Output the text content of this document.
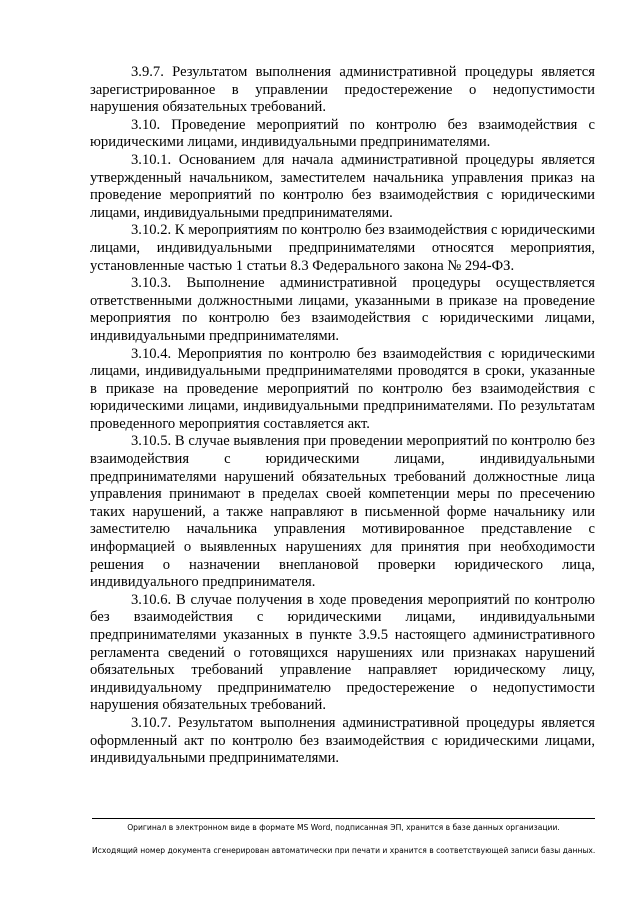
3.9.7. Результатом выполнения административной процедуры является зарегистрированное в управлении предостережение о недопустимости нарушения обязательных требований.

3.10. Проведение мероприятий по контролю без взаимодействия с юридическими лицами, индивидуальными предпринимателями.

3.10.1. Основанием для начала административной процедуры является утвержденный начальником, заместителем начальника управления приказ на проведение мероприятий по контролю без взаимодействия с юридическими лицами, индивидуальными предпринимателями.

3.10.2. К мероприятиям по контролю без взаимодействия с юридическими лицами, индивидуальными предпринимателями относятся мероприятия, установленные частью 1 статьи 8.3 Федерального закона № 294-ФЗ.

3.10.3. Выполнение административной процедуры осуществляется ответственными должностными лицами, указанными в приказе на проведение мероприятия по контролю без взаимодействия с юридическими лицами, индивидуальными предпринимателями.

3.10.4. Мероприятия по контролю без взаимодействия с юридическими лицами, индивидуальными предпринимателями проводятся в сроки, указанные в приказе на проведение мероприятий по контролю без взаимодействия с юридическими лицами, индивидуальными предпринимателями. По результатам проведенного мероприятия составляется акт.

3.10.5. В случае выявления при проведении мероприятий по контролю без взаимодействия с юридическими лицами, индивидуальными предпринимателями нарушений обязательных требований должностные лица управления принимают в пределах своей компетенции меры по пресечению таких нарушений, а также направляют в письменной форме начальнику или заместителю начальника управления мотивированное представление с информацией о выявленных нарушениях для принятия при необходимости решения о назначении внеплановой проверки юридического лица, индивидуального предпринимателя.

3.10.6. В случае получения в ходе проведения мероприятий по контролю без взаимодействия с юридическими лицами, индивидуальными предпринимателями указанных в пункте 3.9.5 настоящего административного регламента сведений о готовящихся нарушениях или признаках нарушений обязательных требований управление направляет юридическому лицу, индивидуальному предпринимателю предостережение о недопустимости нарушения обязательных требований.

3.10.7. Результатом выполнения административной процедуры является оформленный акт по контролю без взаимодействия с юридическими лицами, индивидуальными предпринимателями.

Оригинал в электронном виде в формате MS Word, подписанная ЭП, хранится в базе данных организации.
Исходящий номер документа сгенерирован автоматически при печати и хранится в соответствующей записи базы данных.
